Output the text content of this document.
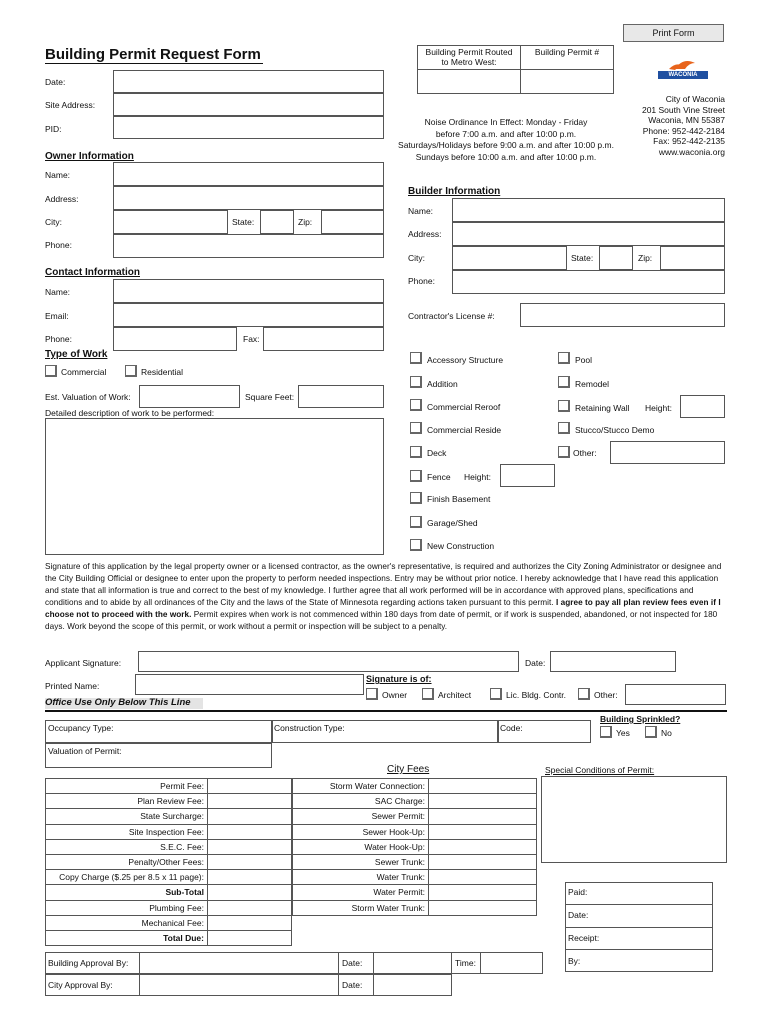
Print Form
Building Permit Request Form	Building Permit Routed
to Metro West:
Building Permit #
WACONIA
City of Waconia
201 South Vine Street
Waconia, MN 55387
Phone: 952-442-2184
Fax: 952-442-2135
www.waconia.org
Noise Ordinance In Effect: Monday - Friday
before 7:00 a.m. and after 10:00 p.m.
Saturdays/Holidays before 9:00 a.m. and after 10:00 p.m.
Sundays before 10:00 a.m. and after 10:00 p.m.
Date:
Site Address:
PID:
Owner Information
Name:
Address:
City:	State:	Zip:
Phone:
Builder Information
Name:
Address:
City:	State:	Zip:
Phone:
Contractor's License #:
Contact Information
Name:
Email:
Phone:	Fax:
Type of Work
Commercial	Residential
Est. Valuation of Work:	Square Feet:
Detailed description of work to be performed:
Accessory Structure	Pool
Addition	Remodel
Commercial Reroof	Retaining Wall Height:
Commercial Reside	Stucco/Stucco Demo
Deck	Other:
Fence Height:
Finish Basement
Garage/Shed
New Construction
Signature of this application by the legal property owner or a licensed contractor, as the owner's representative, is required and authorizes the City Zoning Administrator or designee and the City Building Official or designee to enter upon the property to perform needed inspections. Entry may be without prior notice. I hereby acknowledge that I have read this application and state that all information is true and correct to the best of my knowledge. I further agree that all work performed will be in accordance with approved plans, specifications and conditions and to abide by all ordinances of the City and the laws of the State of Minnesota regarding actions taken pursuant to this permit. I agree to pay all plan review fees even if I choose not to proceed with the work. Permit expires when work is not commenced within 180 days from date of permit, or if work is suspended, abandoned, or not inspected for 180 days. Work beyond the scope of this permit, or work without a permit or inspection will be subject to a penalty.
Applicant Signature:	Date:
Printed Name:
Signature is of:
Owner	Architect	Lic. Bldg. Contr.	Other:
Office Use Only Below This Line
Occupancy Type:	Construction Type:	Code:
Building Sprinkled?
Yes	No
Valuation of Permit:
City Fees	Special Conditions of Permit:
Permit Fee:
Plan Review Fee:
State Surcharge:
Site Inspection Fee:
S.E.C. Fee:
Penalty/Other Fees:
Copy Charge ($.25 per 8.5 x 11 page):
Sub-Total
Plumbing Fee:
Mechanical Fee:
Total Due:
Storm Water Connection:
SAC Charge:
Sewer Permit:
Sewer Hook-Up:
Water Hook-Up:
Sewer Trunk:
Water Trunk:
Water Permit:
Storm Water Trunk:
Paid:
Date:
Receipt:
By:
Building Approval By:	Date:	Time:
City Approval By:	Date:
